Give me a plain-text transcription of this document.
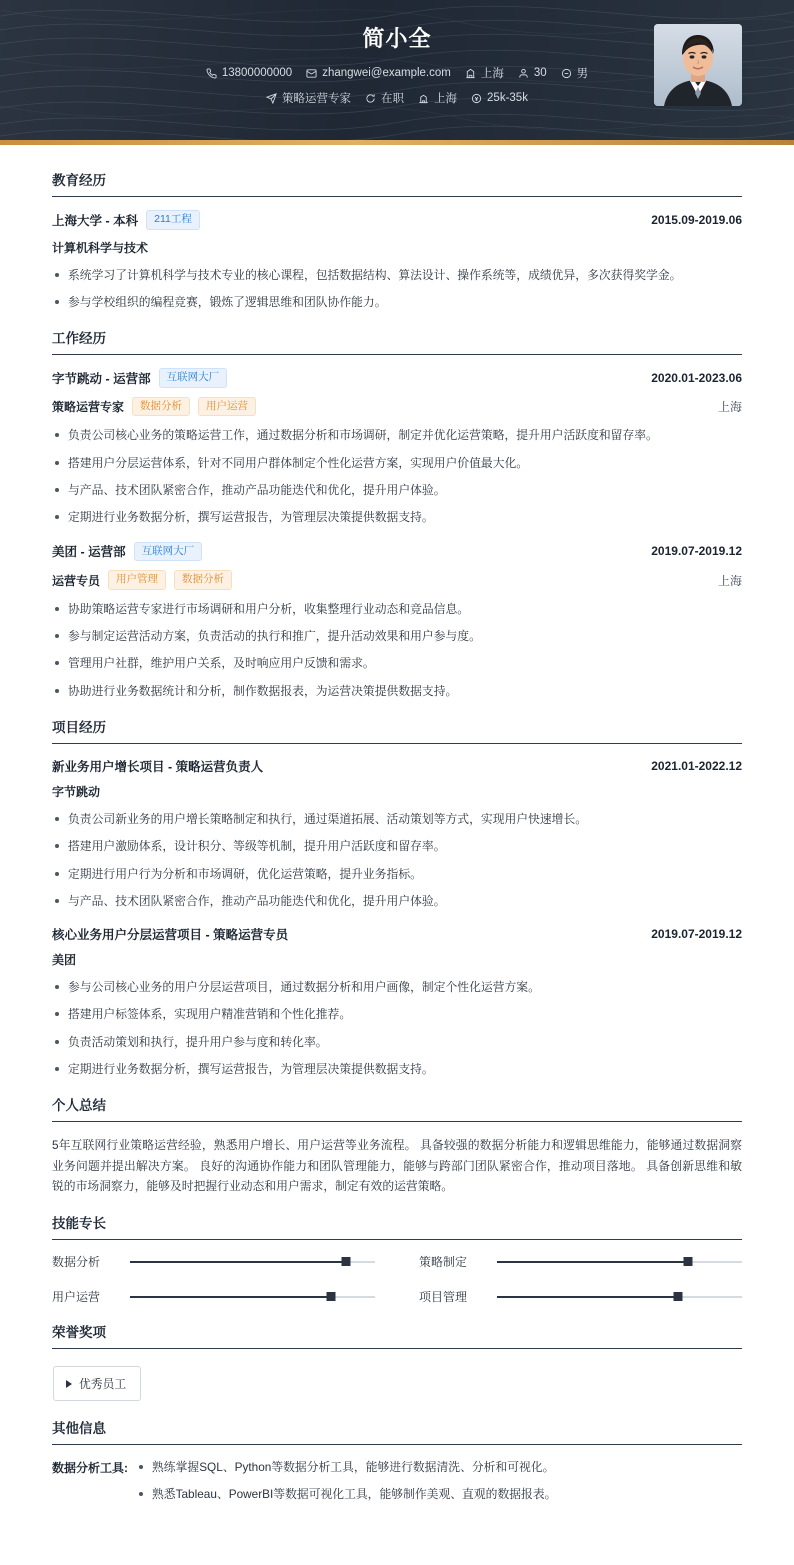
简小全
13800000000	zhangwei@example.com	上海	30	男
策略运营专家	在职	上海	25k-35k
教育经历
上海大学 - 本科	211工程	2015.09-2019.06
计算机科学与技术
系统学习了计算机科学与技术专业的核心课程，包括数据结构、算法设计、操作系统等，成绩优异，多次获得奖学金。
参与学校组织的编程竞赛，锻炼了逻辑思维和团队协作能力。
工作经历
字节跳动 - 运营部	互联网大厂	2020.01-2023.06
策略运营专家	数据分析	用户运营	上海
负责公司核心业务的策略运营工作，通过数据分析和市场调研，制定并优化运营策略，提升用户活跃度和留存率。
搭建用户分层运营体系，针对不同用户群体制定个性化运营方案，实现用户价值最大化。
与产品、技术团队紧密合作，推动产品功能迭代和优化，提升用户体验。
定期进行业务数据分析，撰写运营报告，为管理层决策提供数据支持。
美团 - 运营部	互联网大厂	2019.07-2019.12
运营专员	用户管理	数据分析	上海
协助策略运营专家进行市场调研和用户分析，收集整理行业动态和竞品信息。
参与制定运营活动方案，负责活动的执行和推广，提升活动效果和用户参与度。
管理用户社群，维护用户关系，及时响应用户反馈和需求。
协助进行业务数据统计和分析，制作数据报表，为运营决策提供数据支持。
项目经历
新业务用户增长项目 - 策略运营负责人	2021.01-2022.12
字节跳动
负责公司新业务的用户增长策略制定和执行，通过渠道拓展、活动策划等方式，实现用户快速增长。
搭建用户激励体系，设计积分、等级等机制，提升用户活跃度和留存率。
定期进行用户行为分析和市场调研，优化运营策略，提升业务指标。
与产品、技术团队紧密合作，推动产品功能迭代和优化，提升用户体验。
核心业务用户分层运营项目 - 策略运营专员	2019.07-2019.12
美团
参与公司核心业务的用户分层运营项目，通过数据分析和用户画像，制定个性化运营方案。
搭建用户标签体系，实现用户精准营销和个性化推荐。
负责活动策划和执行，提升用户参与度和转化率。
定期进行业务数据分析，撰写运营报告，为管理层决策提供数据支持。
个人总结

5年互联网行业策略运营经验，熟悉用户增长、用户运营等业务流程。 具备较强的数据分析能力和逻辑思维能力，能够通过数据洞察业务问题并提出解决方案。 良好的沟通协作能力和团队管理能力，能够与跨部门团队紧密合作，推动项目落地。 具备创新思维和敏锐的市场洞察力，能够及时把握行业动态和用户需求，制定有效的运营策略。

技能专长
数据分析	策略制定
用户运营	项目管理
荣誉奖项
优秀员工
其他信息
数据分析工具:	熟练掌握SQL、Python等数据分析工具，能够进行数据清洗、分析和可视化。
熟悉Tableau、PowerBI等数据可视化工具，能够制作美观、直观的数据报表。
